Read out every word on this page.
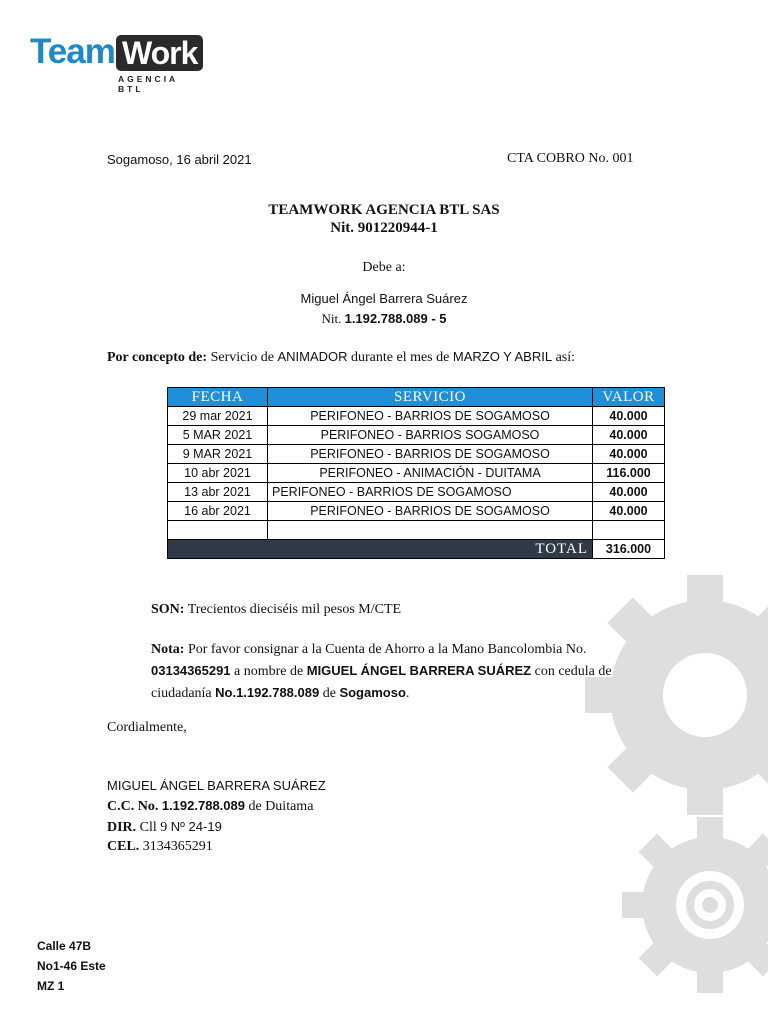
Team Work
AGENCIA BTL
Sogamoso, 16 abril 2021	CTA COBRO No. 001
TEAMWORK AGENCIA BTL SAS
Nit. 901220944-1
Debe a:
Miguel Ángel Barrera Suárez
Nit. 1.192.788.089 - 5
Por concepto de: Servicio de ANIMADOR durante el mes de MARZO Y ABRIL así:
FECHA	SERVICIO	VALOR
29 mar 2021	PERIFONEO - BARRIOS DE SOGAMOSO	40.000
5 MAR 2021	PERIFONEO - BARRIOS SOGAMOSO	40.000
9 MAR 2021	PERIFONEO - BARRIOS DE SOGAMOSO	40.000
10 abr 2021	PERIFONEO - ANIMACIÓN - DUITAMA	116.000
13 abr 2021	PERIFONEO - BARRIOS DE SOGAMOSO	40.000
16 abr 2021	PERIFONEO - BARRIOS DE SOGAMOSO	40.000

TOTAL		316.000
SON: Trecientos dieciséis mil pesos M/CTE
Nota: Por favor consignar a la Cuenta de Ahorro a la Mano Bancolombia No.
03134365291 a nombre de MIGUEL ÁNGEL BARRERA SUÁREZ con cedula de
ciudadanía No.1.192.788.089 de Sogamoso.
Cordialmente,
MIGUEL ÁNGEL BARRERA SUÁREZ
C.C. No. 1.192.788.089 de Duitama
DIR. Cll 9 Nº 24-19
CEL. 3134365291
Calle 47B
No1-46 Este
MZ 1
